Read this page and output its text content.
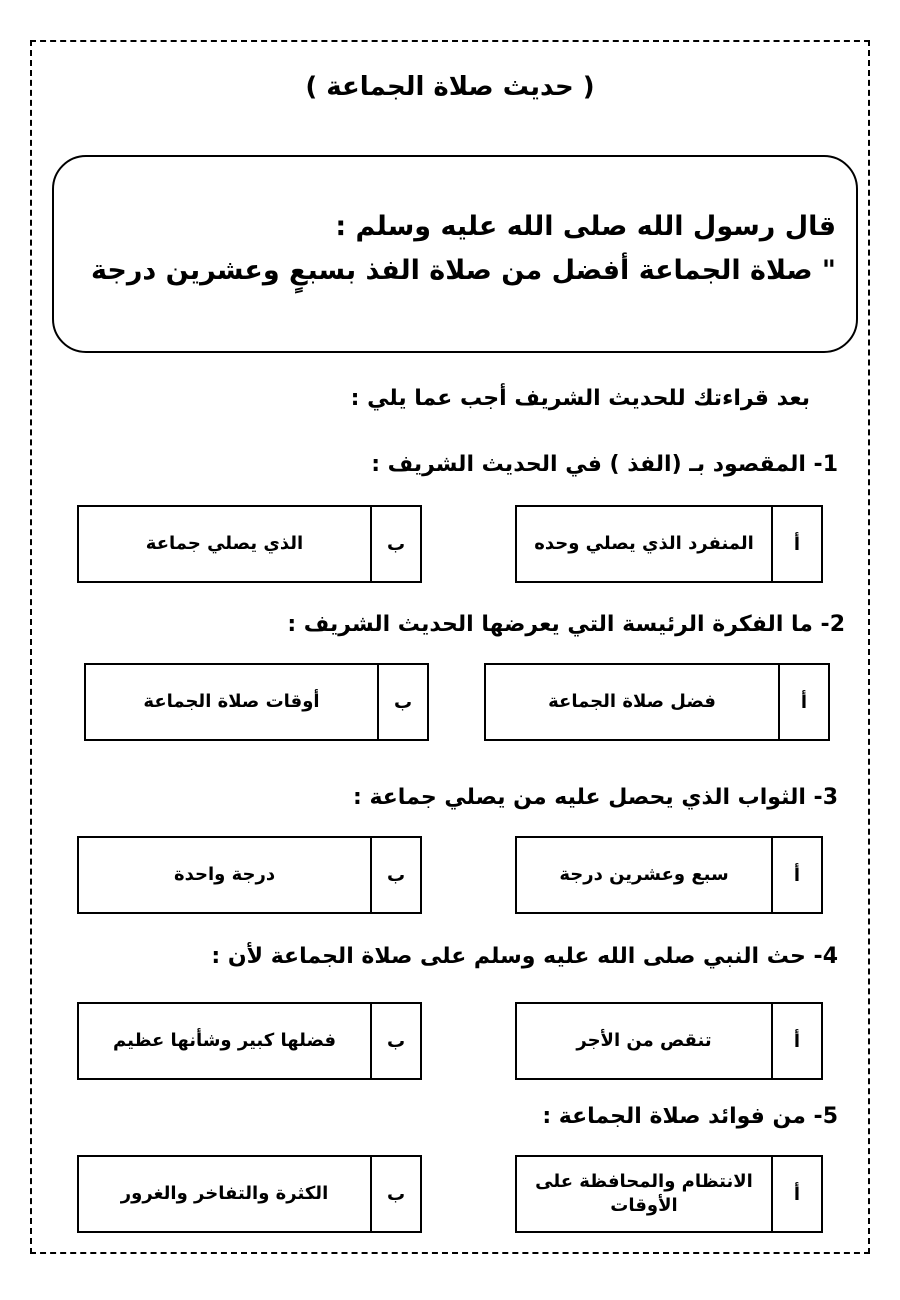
( حديث صلاة الجماعة )
قال رسول الله صلى الله عليه وسلم :
" صلاة الجماعة أفضل من صلاة الفذ بسبعٍ وعشرين درجة
بعد قراءتك للحديث الشريف أجب عما يلي :
1- المقصود بـ (الفذ ) في الحديث الشريف :
أ
المنفرد الذي يصلي وحده
ب
الذي يصلي جماعة
2- ما الفكرة الرئيسة التي يعرضها الحديث الشريف :
أ
فضل صلاة الجماعة
ب
أوقات صلاة الجماعة
3- الثواب الذي يحصل عليه من يصلي جماعة :
أ
سبع وعشرين درجة
ب
درجة واحدة
4- حث النبي صلى الله عليه وسلم على صلاة الجماعة لأن :
أ
تنقص من الأجر
ب
فضلها كبير وشأنها عظيم
5- من فوائد صلاة الجماعة :
أ
الانتظام والمحافظة على الأوقات
ب
الكثرة والتفاخر والغرور
